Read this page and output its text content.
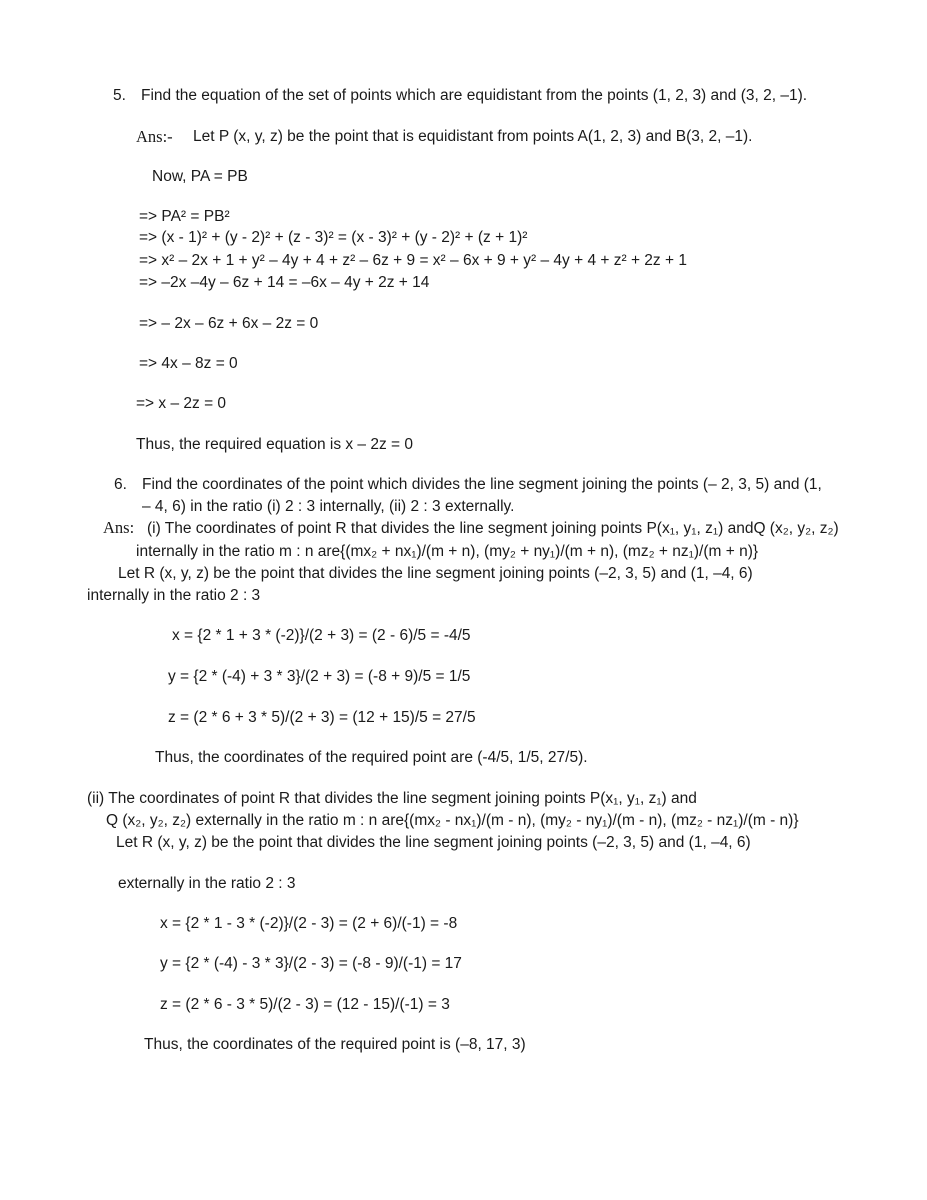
5. Find the equation of the set of points which are equidistant from the points (1, 2, 3) and (3, 2, –1).
Ans:- Let P (x, y, z) be the point that is equidistant from points A(1, 2, 3) and B(3, 2, –1).
Now, PA = PB
=> PA² = PB²
=> (x - 1)² + (y - 2)² + (z - 3)² = (x - 3)² + (y - 2)² + (z + 1)²
=> x² – 2x + 1 + y² – 4y + 4 + z² – 6z + 9 = x² – 6x + 9 + y² – 4y + 4 + z² + 2z + 1
=> –2x –4y – 6z + 14 = –6x – 4y + 2z + 14
=> – 2x – 6z + 6x – 2z = 0
=> 4x – 8z = 0
=> x – 2z = 0
Thus, the required equation is x – 2z = 0
6. Find the coordinates of the point which divides the line segment joining the points (– 2, 3, 5) and (1,
– 4, 6) in the ratio (i) 2 : 3 internally, (ii) 2 : 3 externally.
Ans: (i) The coordinates of point R that divides the line segment joining points P(x₁, y₁, z₁) andQ (x₂, y₂, z₂)
internally in the ratio m : n are{(mx₂ + nx₁)/(m + n), (my₂ + ny₁)/(m + n), (mz₂ + nz₁)/(m + n)}
Let R (x, y, z) be the point that divides the line segment joining points (–2, 3, 5) and (1, –4, 6)
internally in the ratio 2 : 3
x = {2 * 1 + 3 * (-2)}/(2 + 3) = (2 - 6)/5 = -4/5
y = {2 * (-4) + 3 * 3}/(2 + 3) = (-8 + 9)/5 = 1/5
z = (2 * 6 + 3 * 5)/(2 + 3) = (12 + 15)/5 = 27/5
Thus, the coordinates of the required point are (-4/5, 1/5, 27/5).
(ii) The coordinates of point R that divides the line segment joining points P(x₁, y₁, z₁) and
Q (x₂, y₂, z₂) externally in the ratio m : n are{(mx₂ - nx₁)/(m - n), (my₂ - ny₁)/(m - n), (mz₂ - nz₁)/(m - n)}
Let R (x, y, z) be the point that divides the line segment joining points (–2, 3, 5) and (1, –4, 6)
externally in the ratio 2 : 3
x = {2 * 1 - 3 * (-2)}/(2 - 3) = (2 + 6)/(-1) = -8
y = {2 * (-4) - 3 * 3}/(2 - 3) = (-8 - 9)/(-1) = 17
z = (2 * 6 - 3 * 5)/(2 - 3) = (12 - 15)/(-1) = 3
Thus, the coordinates of the required point is (–8, 17, 3)
